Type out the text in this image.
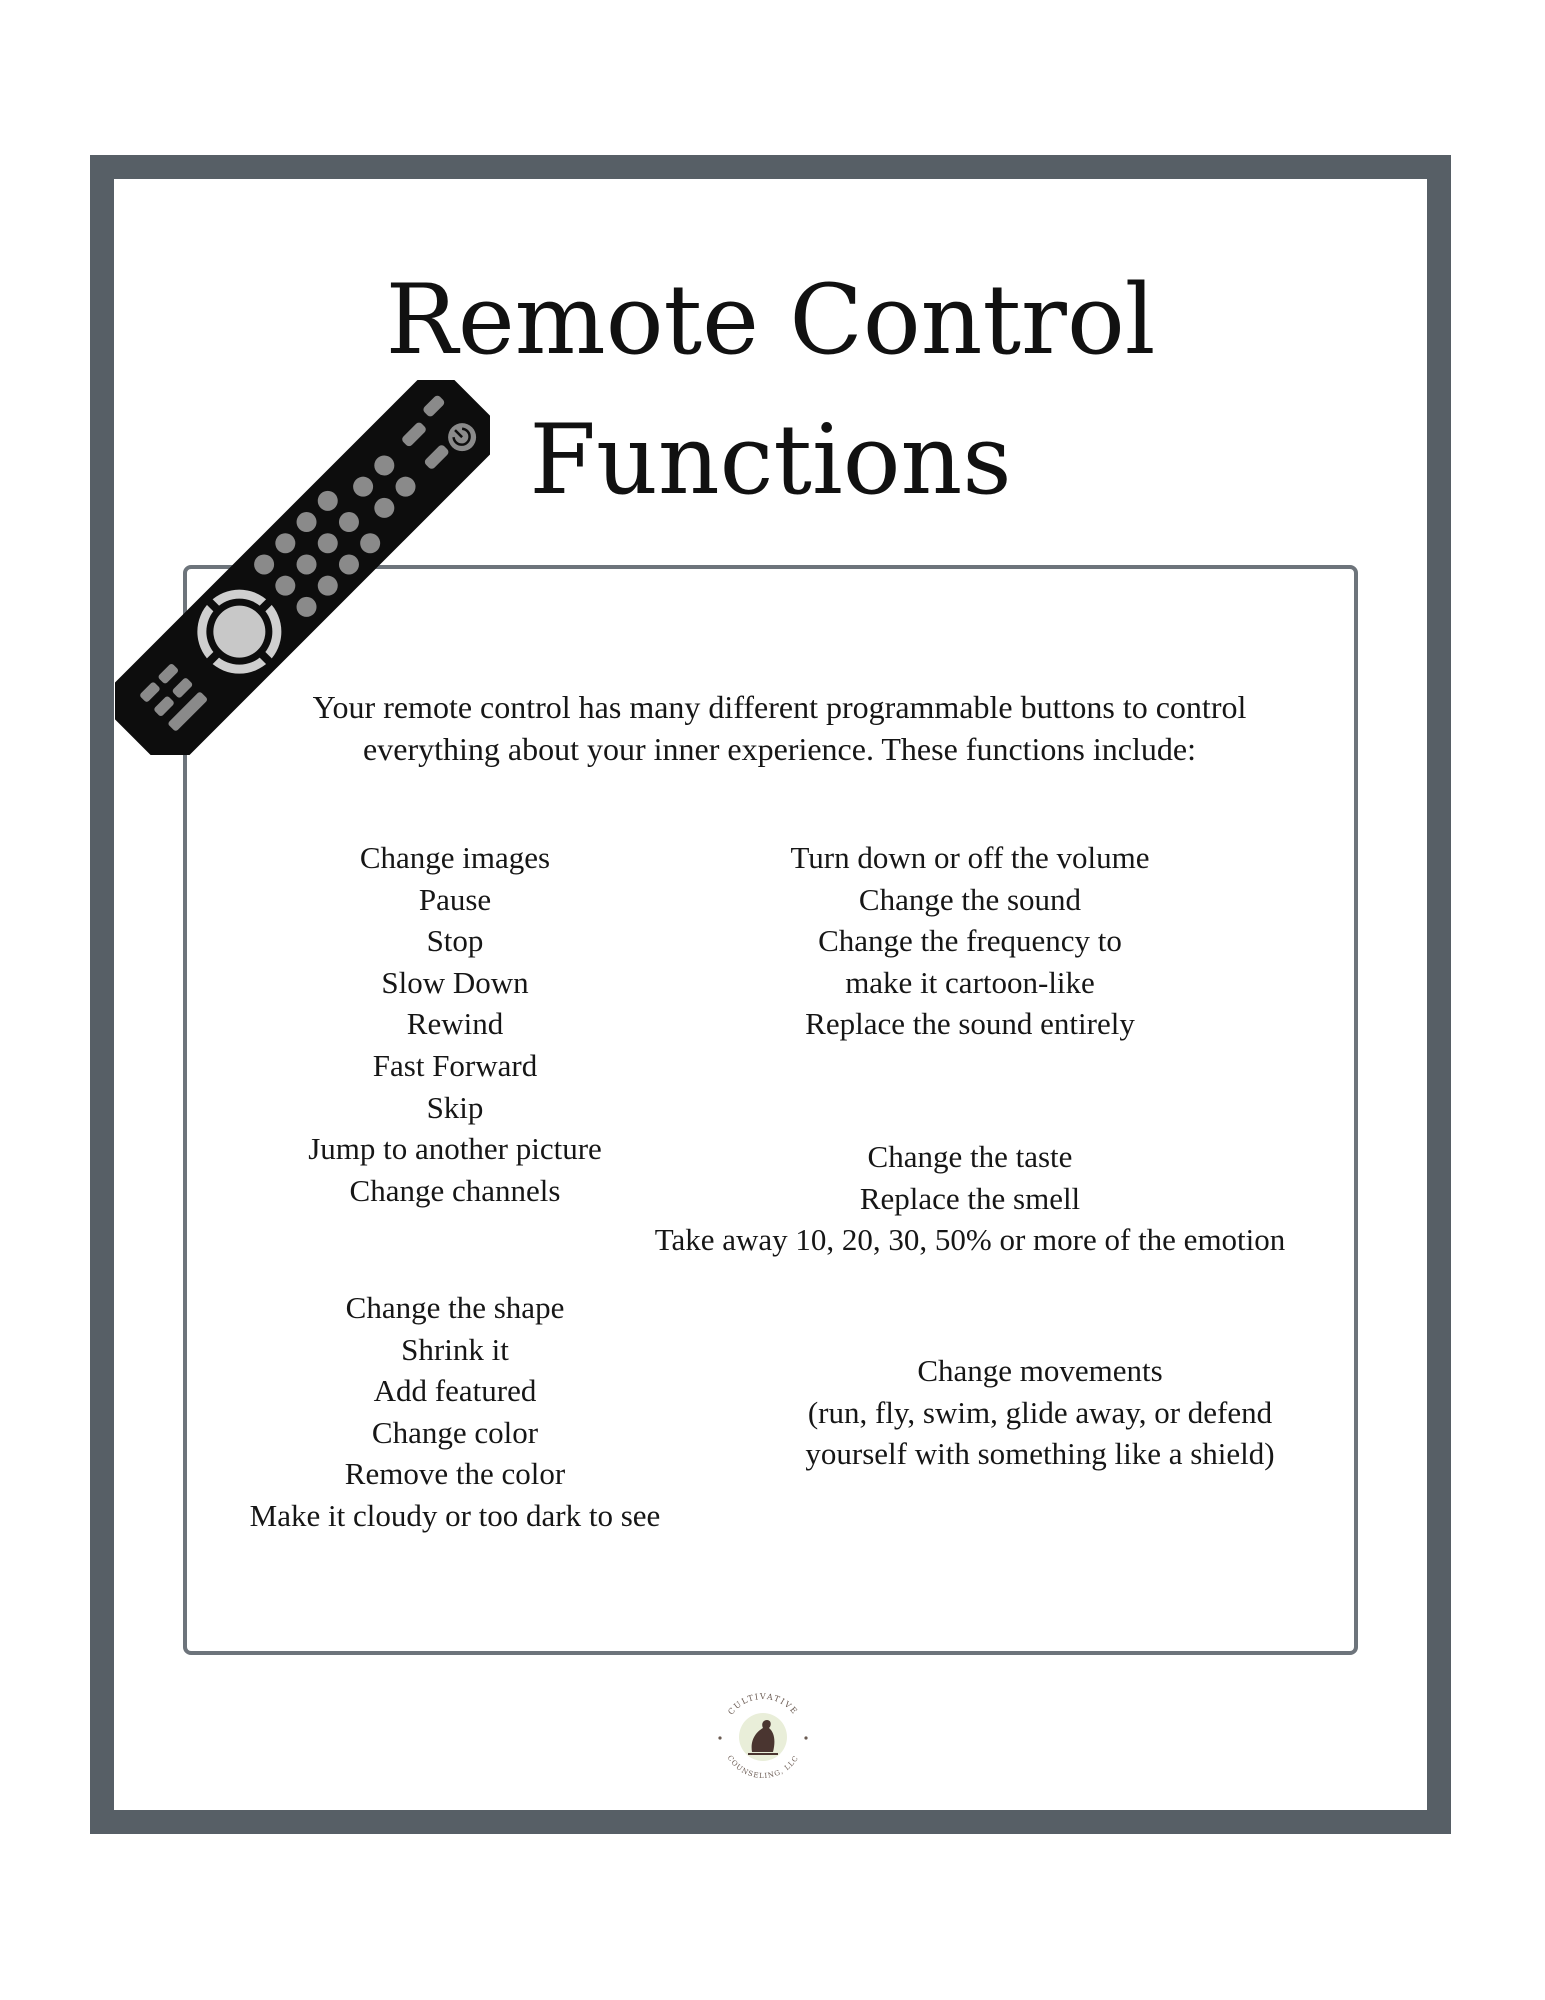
Remote Control
Functions

Your remote control has many different programmable buttons to control
everything about your inner experience. These functions include:

Change images
Pause
Stop
Slow Down
Rewind
Fast Forward
Skip
Jump to another picture
Change channels
Turn down or off the volume
Change the sound
Change the frequency to
make it cartoon-like
Replace the sound entirely
Change the taste
Replace the smell
Take away 10, 20, 30, 50% or more of the emotion
Change the shape
Shrink it
Add featured
Change color
Remove the color
Make it cloudy or too dark to see
Change movements
(run, fly, swim, glide away, or defend
yourself with something like a shield)
CULTIVATIVE
COUNSELING, LLC
